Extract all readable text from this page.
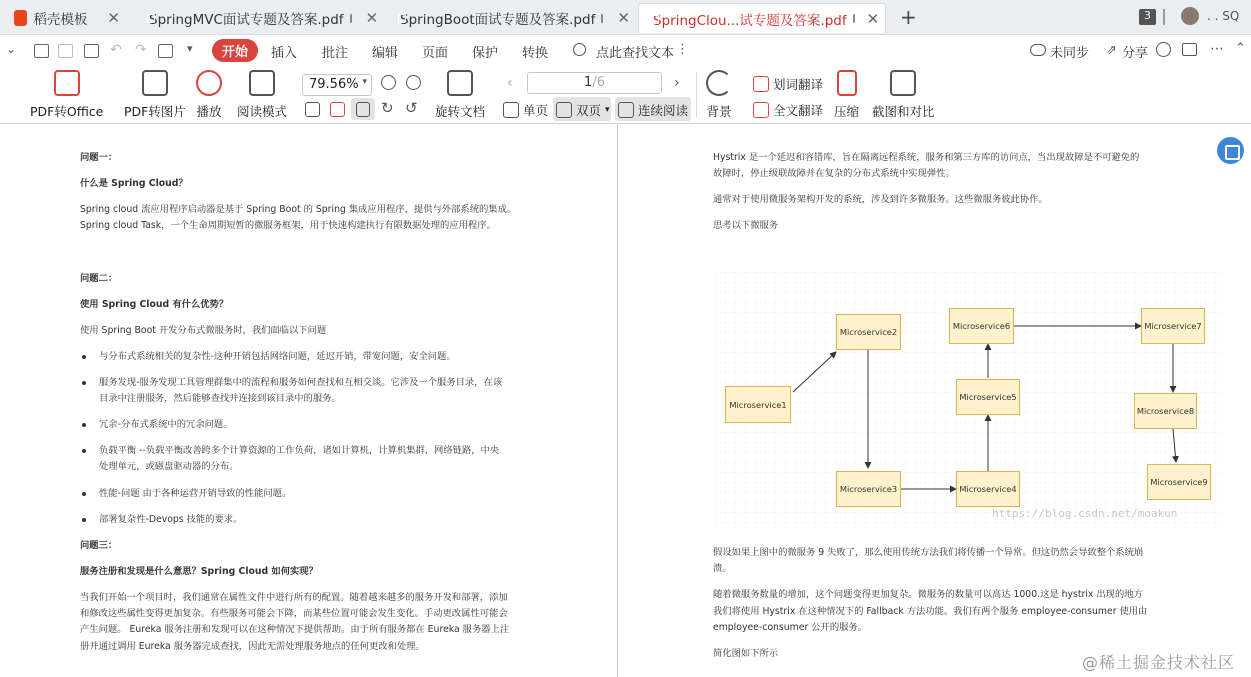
稻壳模板 ✕ SpringMVC面试专题及答案.pdf ✕ SpringBoot面试专题及答案.pdf ✕ SpringClou...试专题及答案.pdf ✕ +	3	. . SQ
⌄	↶ ↷	▾	开始	插入 批注 编辑 页面 保护 转换	点此查找文本 ⋮	未同步 ⇗ 分享	⋯ ⌃
PDF转Office PDF转图片 播放 阅读模式
79.56% ▾
↻ ↺ 旋转文档
‹	1/6	›
单页 双页 ▾ 连续阅读 背景
划词翻译
全文翻译 压缩 截图和对比
问题一：
什么是 Spring Cloud？
Spring cloud 流应用程序启动器是基于 Spring Boot 的 Spring 集成应用程序，提供与外部系统的集成。
Spring cloud Task，一个生命周期短暂的微服务框架，用于快速构建执行有限数据处理的应用程序。
问题二：
使用 Spring Cloud 有什么优势？
使用 Spring Boot 开发分布式微服务时，我们面临以下问题
与分布式系统相关的复杂性-这种开销包括网络问题，延迟开销，带宽问题，安全问题。
服务发现-服务发现工具管理群集中的流程和服务如何查找和互相交谈。它涉及一个服务目录，在该
目录中注册服务，然后能够查找并连接到该目录中的服务。
冗余-分布式系统中的冗余问题。
负载平衡 --负载平衡改善跨多个计算资源的工作负荷，诸如计算机，计算机集群，网络链路，中央
处理单元，或磁盘驱动器的分布。
性能-问题 由于各种运营开销导致的性能问题。
部署复杂性-Devops 技能的要求。
问题三：
服务注册和发现是什么意思？Spring Cloud 如何实现？
当我们开始一个项目时，我们通常在属性文件中进行所有的配置。随着越来越多的服务开发和部署，添加
和修改这些属性变得更加复杂。有些服务可能会下降，而某些位置可能会发生变化。手动更改属性可能会
产生问题。 Eureka 服务注册和发现可以在这种情况下提供帮助。由于所有服务都在 Eureka 服务器上注
册并通过调用 Eureka 服务器完成查找，因此无需处理服务地点的任何更改和处理。
Hystrix 是一个延迟和容错库，旨在隔离远程系统，服务和第三方库的访问点，当出现故障是不可避免的
故障时，停止级联故障并在复杂的分布式系统中实现弹性。
通常对于使用微服务架构开发的系统，涉及到许多微服务。这些微服务彼此协作。
思考以下微服务
Microservice1
Microservice2
Microservice3	Microservice4
Microservice5
Microservice6	Microservice7
Microservice8
Microservice9
https://blog.csdn.net/moakun
假设如果上图中的微服务 9 失败了，那么使用传统方法我们将传播一个异常。但这仍然会导致整个系统崩
溃。
随着微服务数量的增加，这个问题变得更加复杂。微服务的数量可以高达 1000.这是 hystrix 出现的地方
我们将使用 Hystrix 在这种情况下的 Fallback 方法功能。我们有两个服务 employee-consumer 使用由
employee-consumer 公开的服务。
简化图如下所示	@稀土掘金技术社区
